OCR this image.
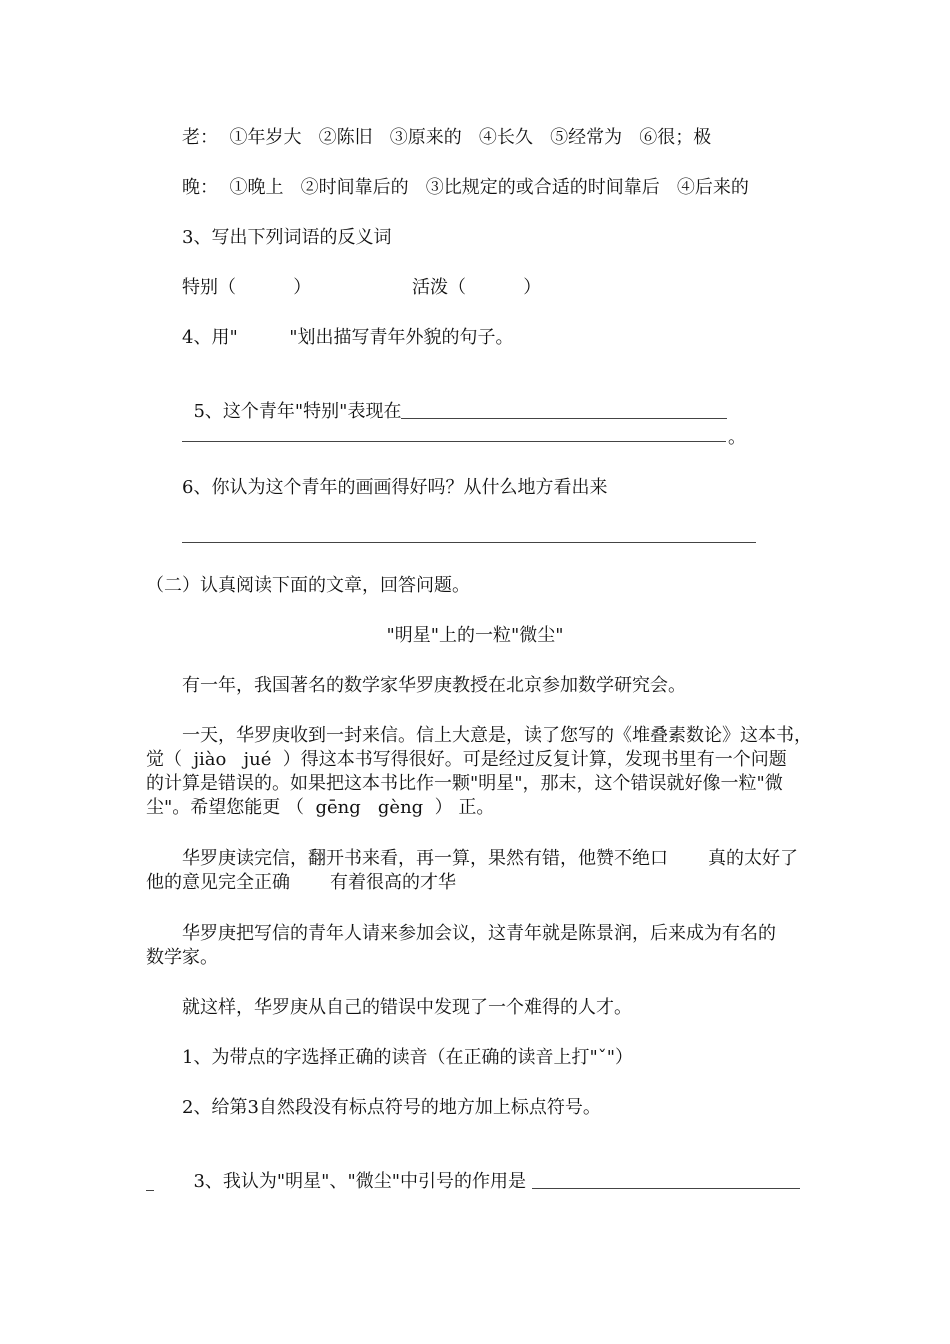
老：  ①年岁大   ②陈旧   ③原来的   ④长久   ⑤经常为   ⑥很；极
晚：  ①晚上   ②时间靠后的   ③比规定的或合适的时间靠后   ④后来的
3、写出下列词语的反义词
特别（          ）	活泼（          ）
4、用"         "划出描写青年外貌的句子。

5、这个青年"特别"表现在

。
6、你认为这个青年的画画得好吗？从什么地方看出来
（二）认真阅读下面的文章，回答问题。
"明星"上的一粒"微尘"
有一年，我国著名的数学家华罗庚教授在北京参加数学研究会。
一天，华罗庚收到一封来信。信上大意是，读了您写的《堆叠素数论》这本书，
觉（  jiào   jué  ）得这本书写得很好。可是经过反复计算，发现书里有一个问题
的计算是错误的。如果把这本书比作一颗"明星"，那末，这个错误就好像一粒"微
尘"。希望您能更 （  gēng   gèng  ） 正。
华罗庚读完信，翻开书来看，再一算，果然有错，他赞不绝口       真的太好了
他的意见完全正确       有着很高的才华
华罗庚把写信的青年人请来参加会议，这青年就是陈景润，后来成为有名的
数学家。
就这样，华罗庚从自己的错误中发现了一个难得的人才。
1、为带点的字选择正确的读音（在正确的读音上打"ˇ"）
2、给第3自然段没有标点符号的地方加上标点符号。

3、我认为"明星"、"微尘"中引号的作用是
